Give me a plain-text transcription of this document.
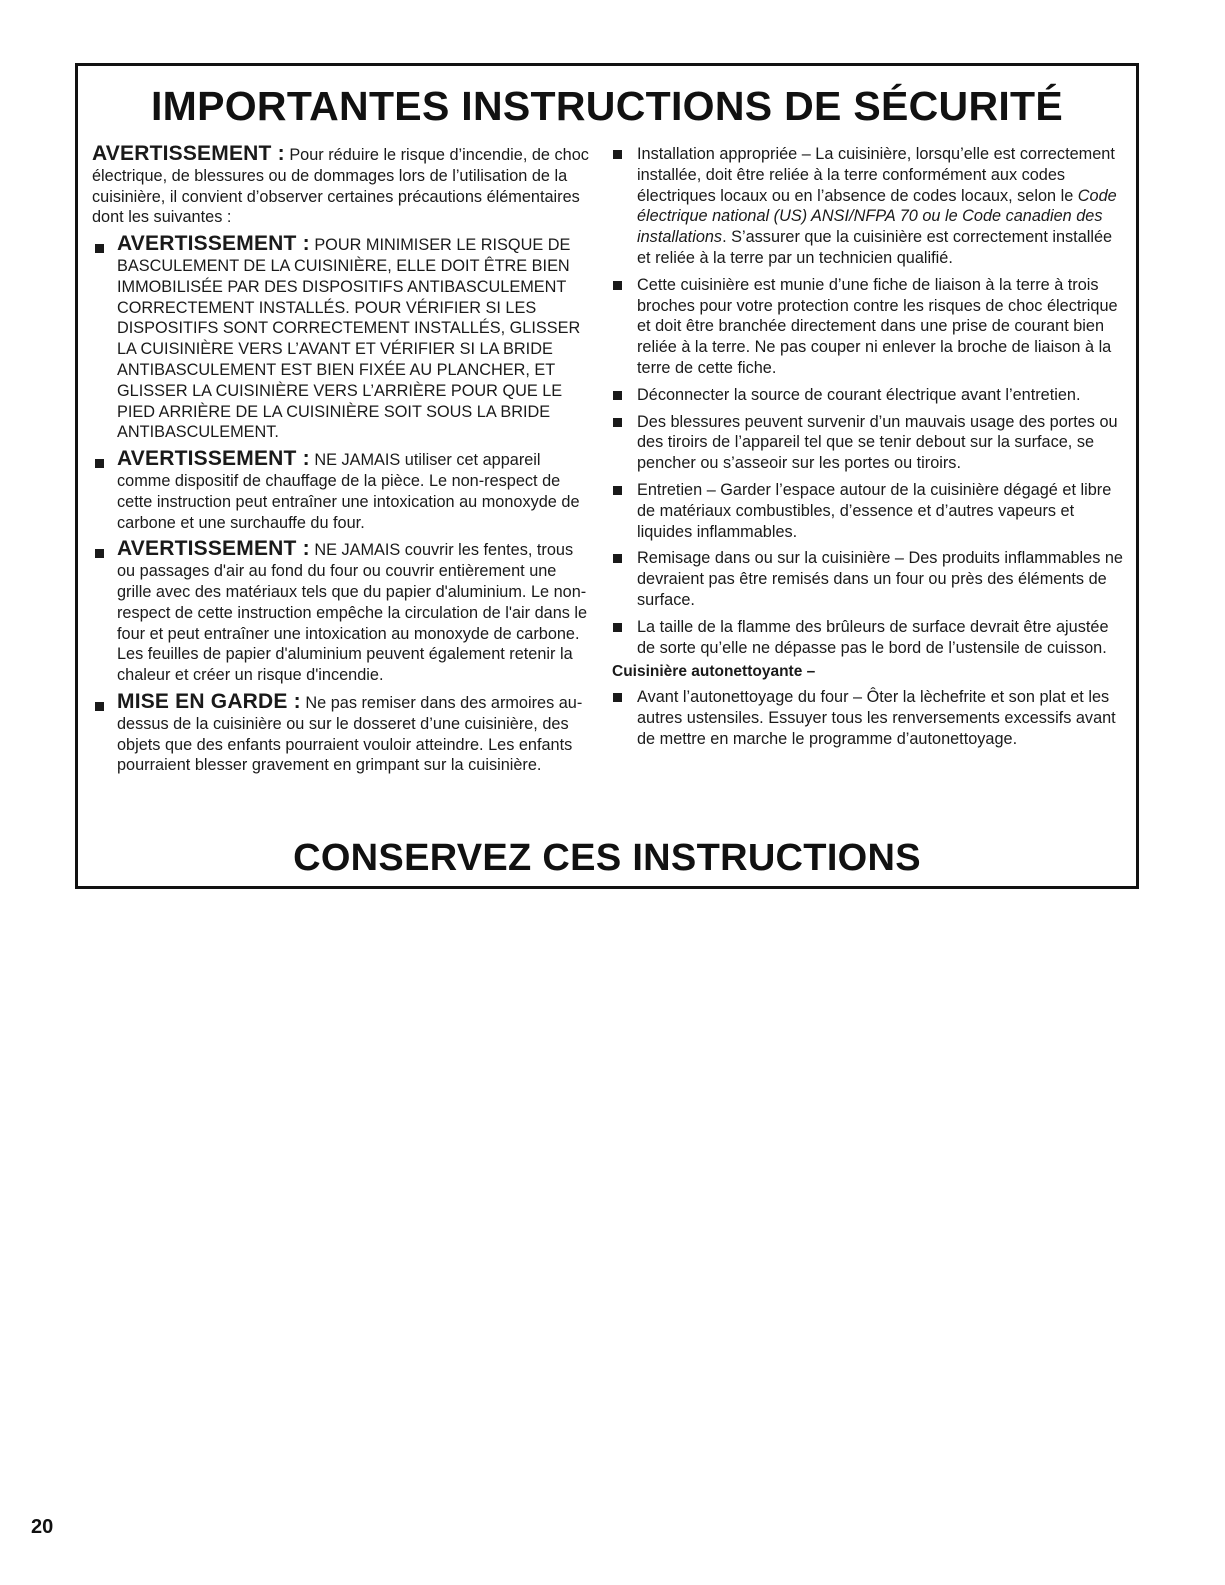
IMPORTANTES INSTRUCTIONS DE SÉCURITÉ

AVERTISSEMENT : Pour réduire le risque d’incendie, de choc électrique, de blessures ou de dommages lors de l’utilisation de la cuisinière, il convient d’observer certaines précautions élémentaires dont les suivantes :

AVERTISSEMENT : POUR MINIMISER LE RISQUE DE BASCULEMENT DE LA CUISINIÈRE, ELLE DOIT ÊTRE BIEN IMMOBILISÉE PAR DES DISPOSITIFS ANTIBASCULEMENT CORRECTEMENT INSTALLÉS. POUR VÉRIFIER SI LES DISPOSITIFS SONT CORRECTEMENT INSTALLÉS, GLISSER LA CUISINIÈRE VERS L’AVANT ET VÉRIFIER SI LA BRIDE ANTIBASCULEMENT EST BIEN FIXÉE AU PLANCHER, ET GLISSER LA CUISINIÈRE VERS L’ARRIÈRE POUR QUE LE PIED ARRIÈRE DE LA CUISINIÈRE SOIT SOUS LA BRIDE ANTIBASCULEMENT.

AVERTISSEMENT : NE JAMAIS utiliser cet appareil comme dispositif de chauffage de la pièce. Le non-respect de cette instruction peut entraîner une intoxication au monoxyde de carbone et une surchauffe du four.

AVERTISSEMENT : NE JAMAIS couvrir les fentes, trous ou passages d'air au fond du four ou couvrir entièrement une grille avec des matériaux tels que du papier d'aluminium. Le non-respect de cette instruction empêche la circulation de l'air dans le four et peut entraîner une intoxication au monoxyde de carbone. Les feuilles de papier d'aluminium peuvent également retenir la chaleur et créer un risque d'incendie.

MISE EN GARDE : Ne pas remiser dans des armoires au-dessus de la cuisinière ou sur le dosseret d’une cuisinière, des objets que des enfants pourraient vouloir atteindre. Les enfants pourraient blesser gravement en grimpant sur la cuisinière.

Installation appropriée – La cuisinière, lorsqu’elle est correctement installée, doit être reliée à la terre conformément aux codes électriques locaux ou en l’absence de codes locaux, selon le Code électrique national (US) ANSI/NFPA 70 ou le Code canadien des installations. S’assurer que la cuisinière est correctement installée et reliée à la terre par un technicien qualifié.

Cette cuisinière est munie d’une fiche de liaison à la terre à trois broches pour votre protection contre les risques de choc électrique et doit être branchée directement dans une prise de courant bien reliée à la terre. Ne pas couper ni enlever la broche de liaison à la terre de cette fiche.

Déconnecter la source de courant électrique avant l’entretien.

Des blessures peuvent survenir d’un mauvais usage des portes ou des tiroirs de l’appareil tel que se tenir debout sur la surface, se pencher ou s’asseoir sur les portes ou tiroirs.

Entretien – Garder l’espace autour de la cuisinière dégagé et libre de matériaux combustibles, d’essence et d’autres vapeurs et liquides inflammables.

Remisage dans ou sur la cuisinière – Des produits inflammables ne devraient pas être remisés dans un four ou près des éléments de surface.

La taille de la flamme des brûleurs de surface devrait être ajustée de sorte qu’elle ne dépasse pas le bord de l’ustensile de cuisson.

Cuisinière autonettoyante –

Avant l’autonettoyage du four – Ôter la lèchefrite et son plat et les autres ustensiles. Essuyer tous les renversements excessifs avant de mettre en marche le programme d’autonettoyage.

CONSERVEZ CES INSTRUCTIONS
20
